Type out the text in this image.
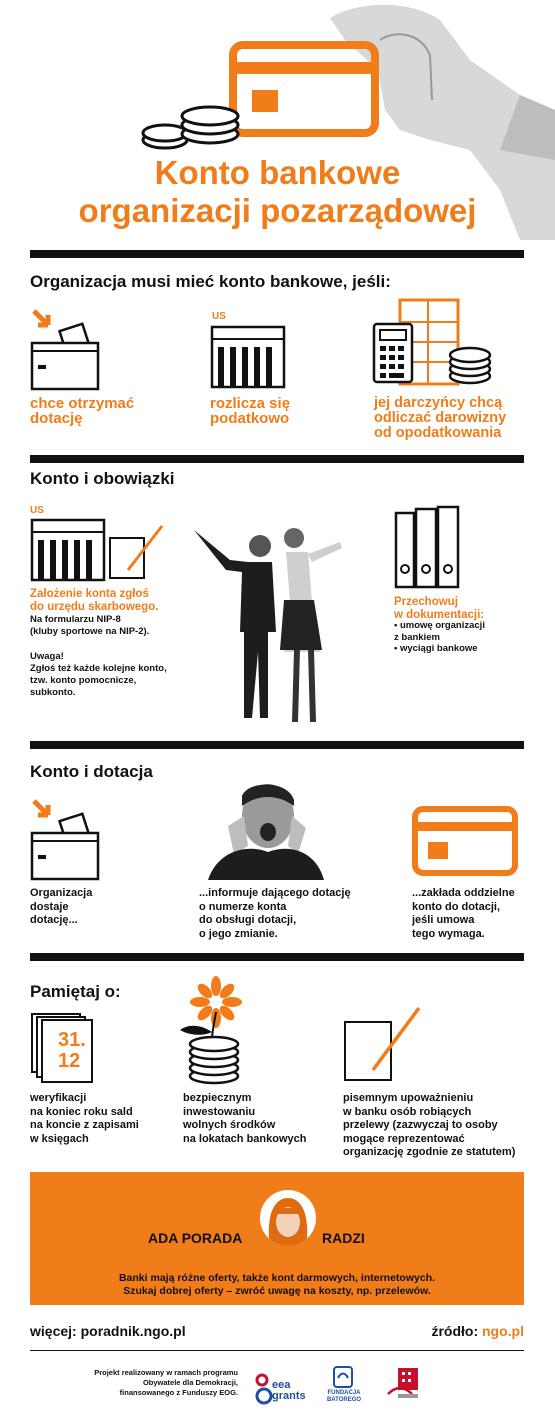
Konto bankowe
organizacji pozarządowej
Organizacja musi mieć konto bankowe, jeśli:
chce otrzymać
dotację
US
rozlicza się
podatkowo
jej darczyńcy chcą
odliczać darowizny
od opodatkowania
Konto i obowiązki
US
Założenie konta zgłoś
do urzędu skarbowego.
Na formularzu NIP-8
(kluby sportowe na NIP-2).
Uwaga!
Zgłoś też każde kolejne konto,
tzw. konto pomocnicze,
subkonto.
Przechowuj
w dokumentacji:
• umowę organizacji
z bankiem
• wyciągi bankowe
Konto i dotacja
Organizacja
dostaje
dotację...
...informuje dającego dotację
o numerze konta
do obsługi dotacji,
o jego zmianie.
...zakłada oddzielne
konto do dotacji,
jeśli umowa
tego wymaga.
Pamiętaj o:
31.
12
weryfikacji
na koniec roku sald
na koncie z zapisami
w księgach
bezpiecznym
inwestowaniu
wolnych środków
na lokatach bankowych
pisemnym upoważnieniu
w banku osób robiących
przelewy (zazwyczaj to osoby
mogące reprezentować
organizację zgodnie ze statutem)
ADA PORADA	RADZI
Banki mają różne oferty, także kont darmowych, internetowych.
Szukaj dobrej oferty – zwróć uwagę na koszty, np. przelewów.
więcej: poradnik.ngo.pl	źródło: ngo.pl
Projekt realizowany w ramach programu
Obywatele dla Demokracji,
finansowanego z Funduszy EOG.
eea
grants	FUNDACJA
BATOREGO
